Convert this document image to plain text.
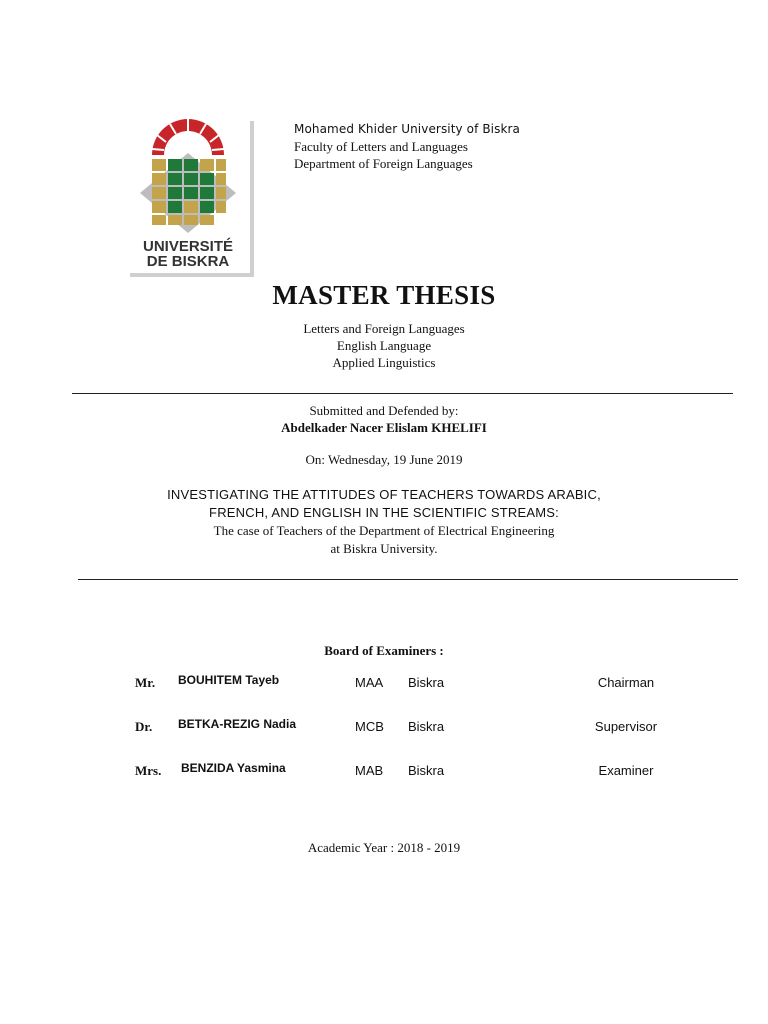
UNIVERSITÉ
DE BISKRA
Mohamed Khider University of Biskra
Faculty of Letters and Languages
Department of Foreign Languages
MASTER THESIS
Letters and Foreign Languages
English Language
Applied Linguistics
Submitted and Defended by:
Abdelkader Nacer Elislam KHELIFI
On: Wednesday, 19 June 2019
INVESTIGATING THE ATTITUDES OF TEACHERS TOWARDS ARABIC,
FRENCH, AND ENGLISH IN THE SCIENTIFIC STREAMS:
The case of Teachers of the Department of Electrical Engineering
at Biskra University.
Board of Examiners :
Mr. BOUHITEM Tayeb	MAA Biskra	Chairman
Dr. BETKA-REZIG Nadia	MCB Biskra	Supervisor
Mrs. BENZIDA Yasmina	MAB Biskra	Examiner
Academic Year : 2018 - 2019
